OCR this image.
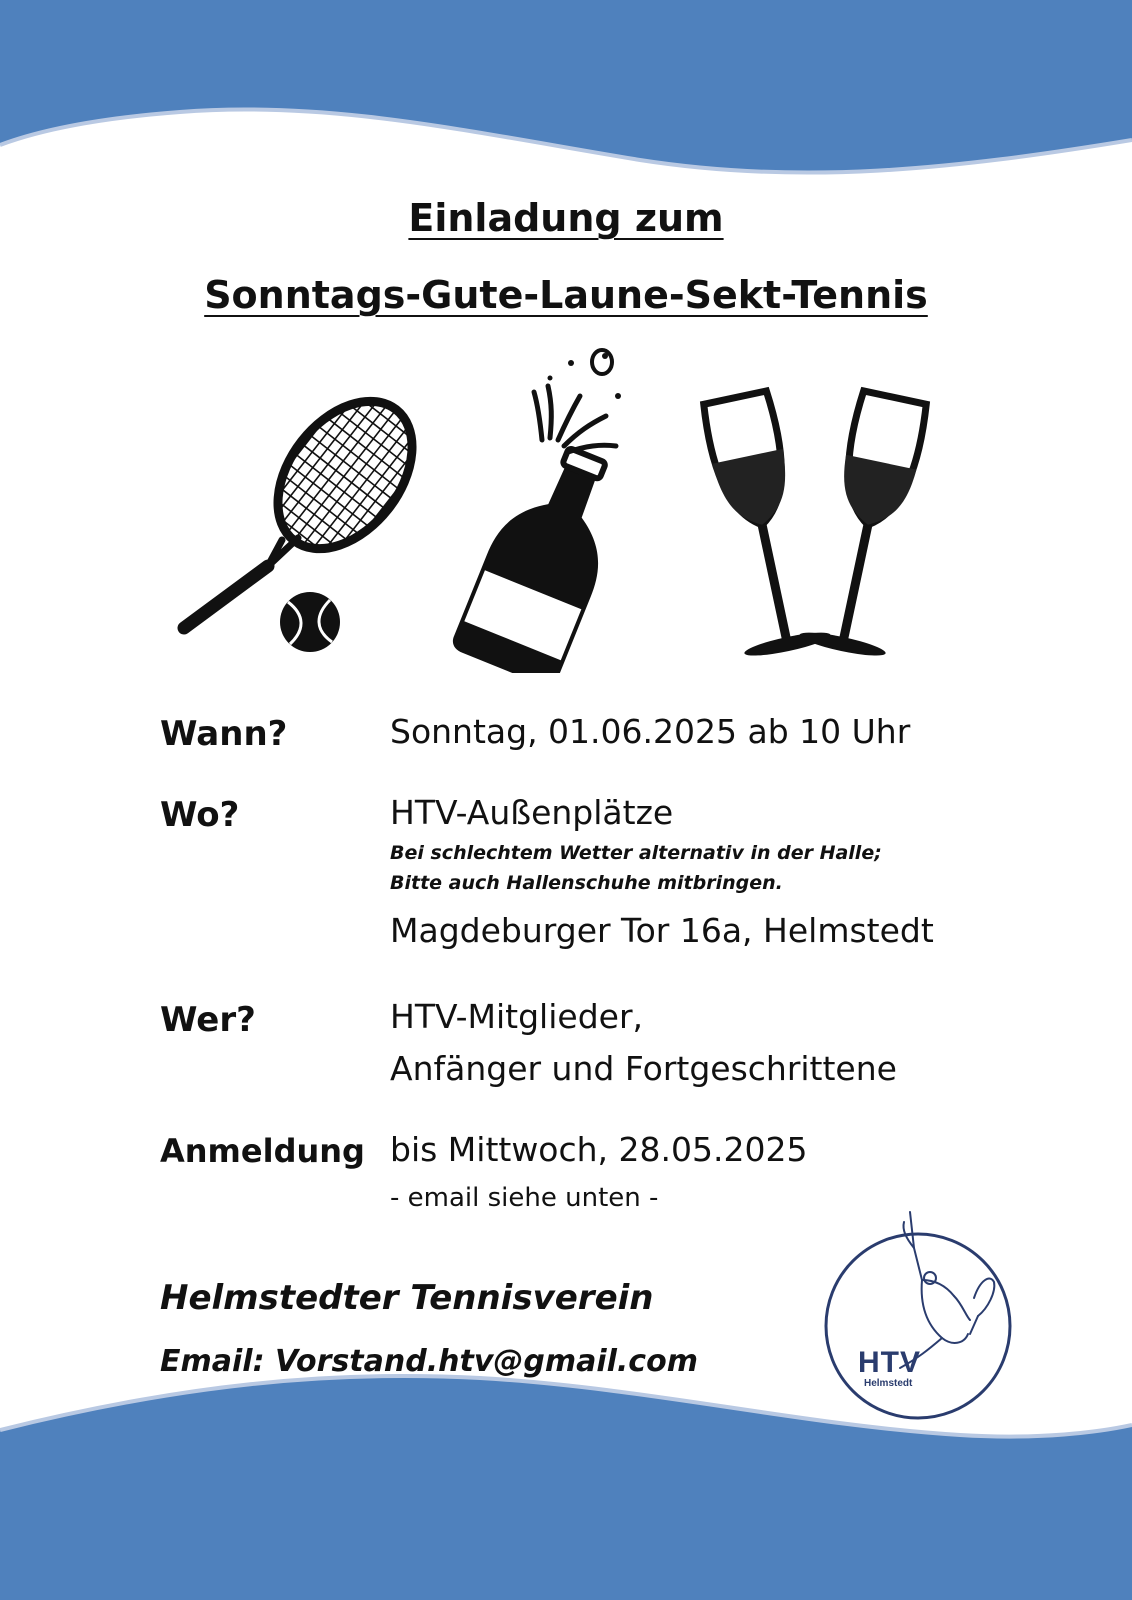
Einladung zum
Sonntags-Gute-Laune-Sekt-Tennis
Wann?	Sonntag, 01.06.2025 ab 10 Uhr
Wo?	HTV-Außenplätze
Bei schlechtem Wetter alternativ in der Halle;
Bitte auch Hallenschuhe mitbringen.
Magdeburger Tor 16a, Helmstedt
Wer?	HTV-Mitglieder,
Anfänger und Fortgeschrittene
Anmeldung bis Mittwoch, 28.05.2025
- email siehe unten -
Helmstedter Tennisverein
Email: Vorstand.htv@gmail.com	HTV
Helmstedt
